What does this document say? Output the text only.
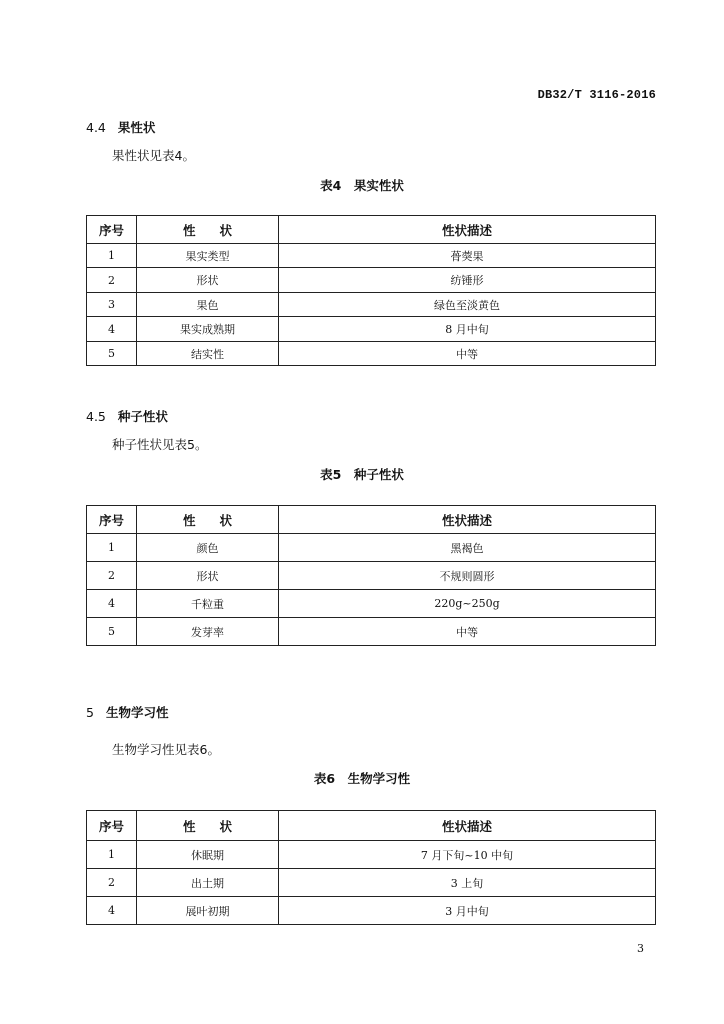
DB32/T 3116-2016
4.4 果性状
果性状见表4。
表4　果实性状
序号	性 状	性状描述
1	果实类型	蓇葖果
2	形状	纺锤形
3	果色	绿色至淡黄色
4	果实成熟期	8 月中旬
5	结实性	中等
4.5 种子性状
种子性状见表5。
表5　种子性状
序号	性 状	性状描述
1	颜色	黑褐色
2	形状	不规则圆形
4	千粒重	220g~250g
5	发芽率	中等
5 生物学习性
生物学习性见表6。
表6　生物学习性
序号	性 状	性状描述
1	休眠期	7 月下旬~10 中旬
2	出土期	3 上旬
4	展叶初期	3 月中旬
3
